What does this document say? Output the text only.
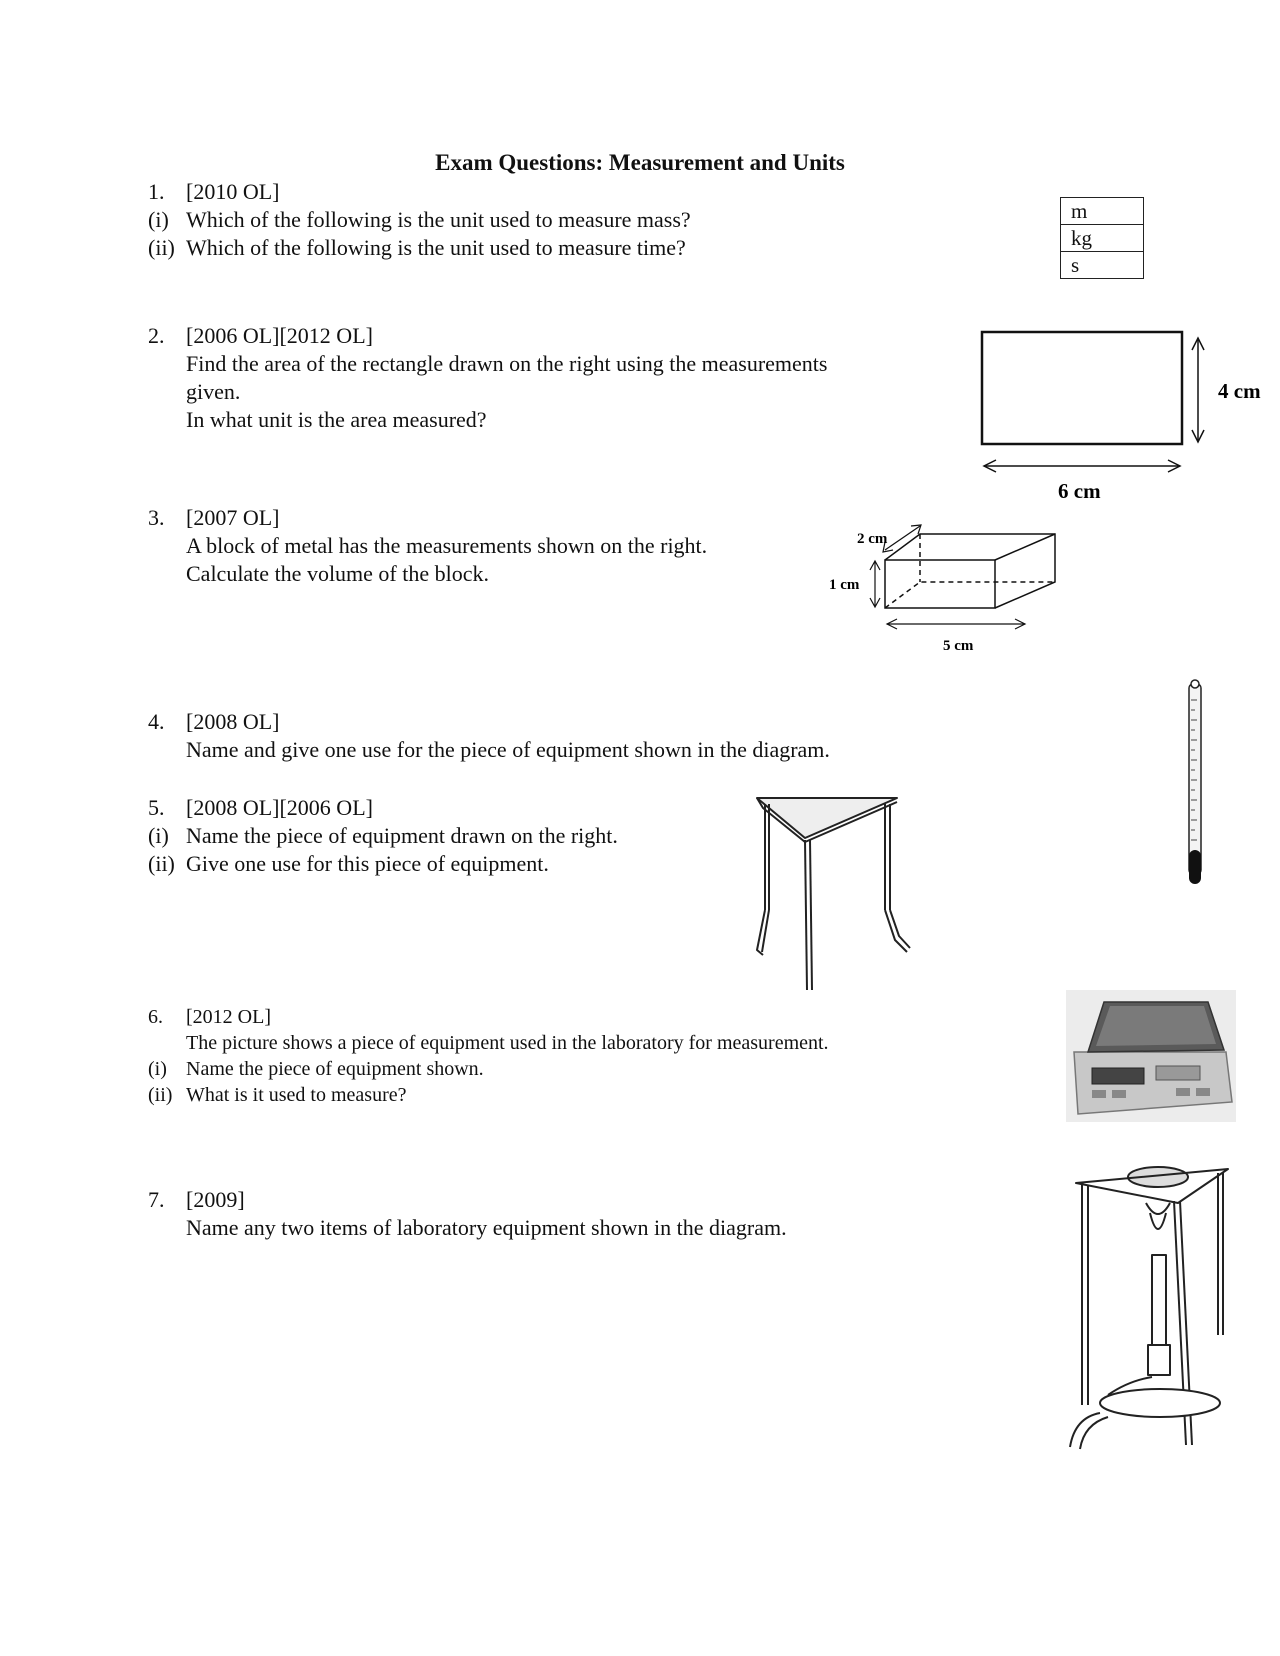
Exam Questions: Measurement and Units
1. [2010 OL]
(i) Which of the following is the unit used to measure mass?
(ii) Which of the following is the unit used to measure time?
m
kg
s
2. [2006 OL][2012 OL]
Find the area of the rectangle drawn on the right using the measurements
given.
In what unit is the area measured?
4 cm
6 cm
3. [2007 OL]
A block of metal has the measurements shown on the right.
Calculate the volume of the block.
2 cm
1 cm
5 cm
4. [2008 OL]
Name and give one use for the piece of equipment shown in the diagram.
5. [2008 OL][2006 OL]
(i) Name the piece of equipment drawn on the right.
(ii) Give one use for this piece of equipment.
6. [2012 OL]
The picture shows a piece of equipment used in the laboratory for measurement.
(i) Name the piece of equipment shown.
(ii) What is it used to measure?
7. [2009]
Name any two items of laboratory equipment shown in the diagram.
